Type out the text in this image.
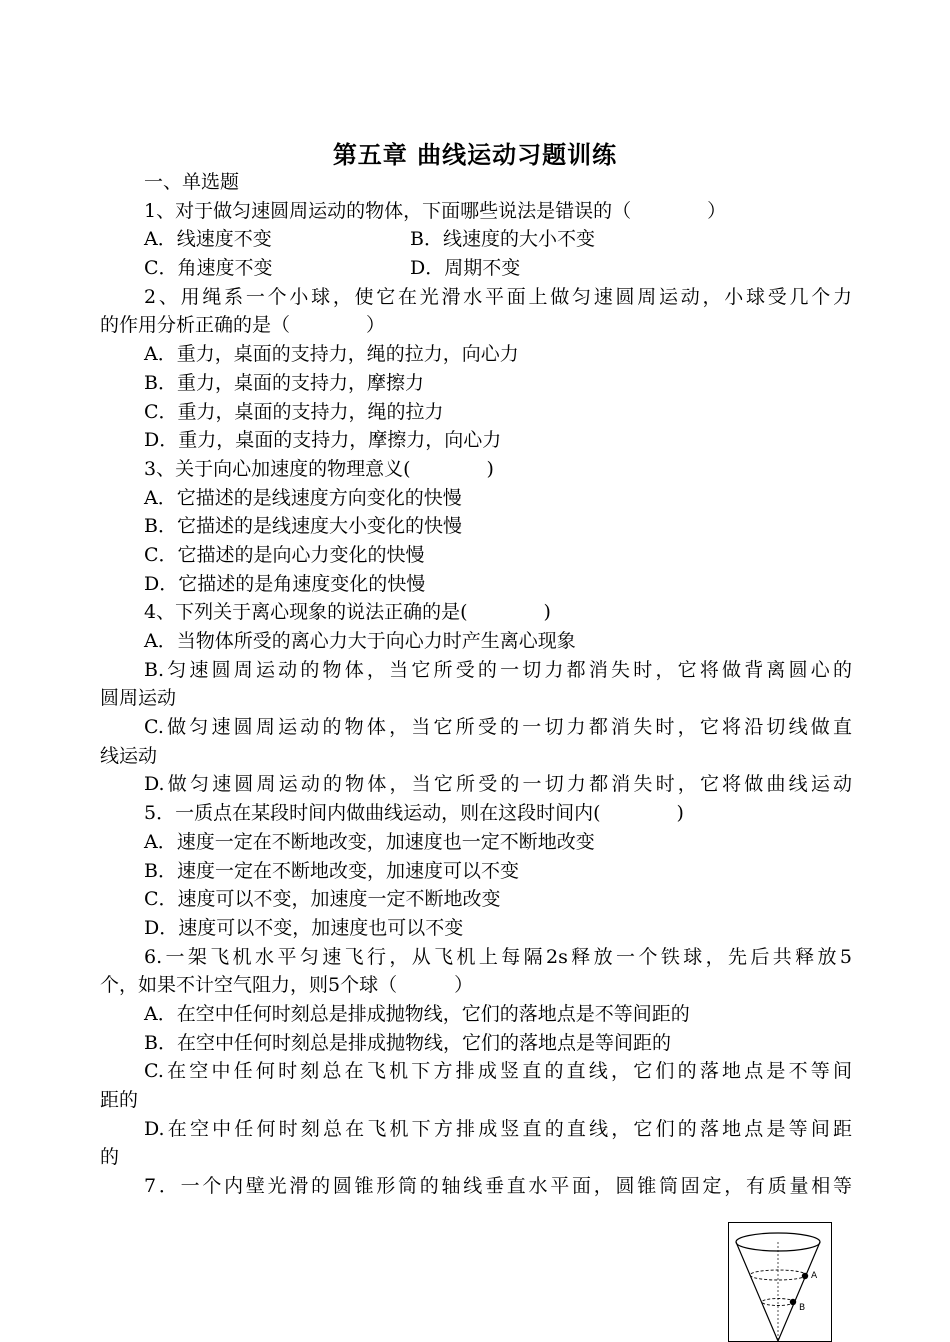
第五章 曲线运动习题训练
一、单选题
1、对于做匀速圆周运动的物体，下面哪些说法是错误的（　　　　）
A．线速度不变	B．线速度的大小不变
C．角速度不变	D．周期不变
2、用绳系一个小球，使它在光滑水平面上做匀速圆周运动，小球受几个力
的作用分析正确的是（　　　　）
A．重力，桌面的支持力，绳的拉力，向心力
B．重力，桌面的支持力，摩擦力
C．重力，桌面的支持力，绳的拉力
D．重力，桌面的支持力，摩擦力，向心力
3、关于向心加速度的物理意义(　　　　)
A．它描述的是线速度方向变化的快慢
B．它描述的是线速度大小变化的快慢
C．它描述的是向心力变化的快慢
D．它描述的是角速度变化的快慢
4、下列关于离心现象的说法正确的是(　　　　)
A．当物体所受的离心力大于向心力时产生离心现象
B.匀速圆周运动的物体，当它所受的一切力都消失时，它将做背离圆心的
圆周运动
C.做匀速圆周运动的物体，当它所受的一切力都消失时，它将沿切线做直
线运动
D.做匀速圆周运动的物体，当它所受的一切力都消失时，它将做曲线运动
5．一质点在某段时间内做曲线运动，则在这段时间内(　　　　)
A．速度一定在不断地改变，加速度也一定不断地改变
B．速度一定在不断地改变，加速度可以不变
C．速度可以不变，加速度一定不断地改变
D．速度可以不变，加速度也可以不变
6.一架飞机水平匀速飞行，从飞机上每隔2s释放一个铁球，先后共释放5
个，如果不计空气阻力，则5个球（　　　）
A．在空中任何时刻总是排成抛物线，它们的落地点是不等间距的
B．在空中任何时刻总是排成抛物线，它们的落地点是等间距的
C.在空中任何时刻总在飞机下方排成竖直的直线，它们的落地点是不等间
距的
D.在空中任何时刻总在飞机下方排成竖直的直线，它们的落地点是等间距
的
7．一个内壁光滑的圆锥形筒的轴线垂直水平面，圆锥筒固定，有质量相等
A
B
